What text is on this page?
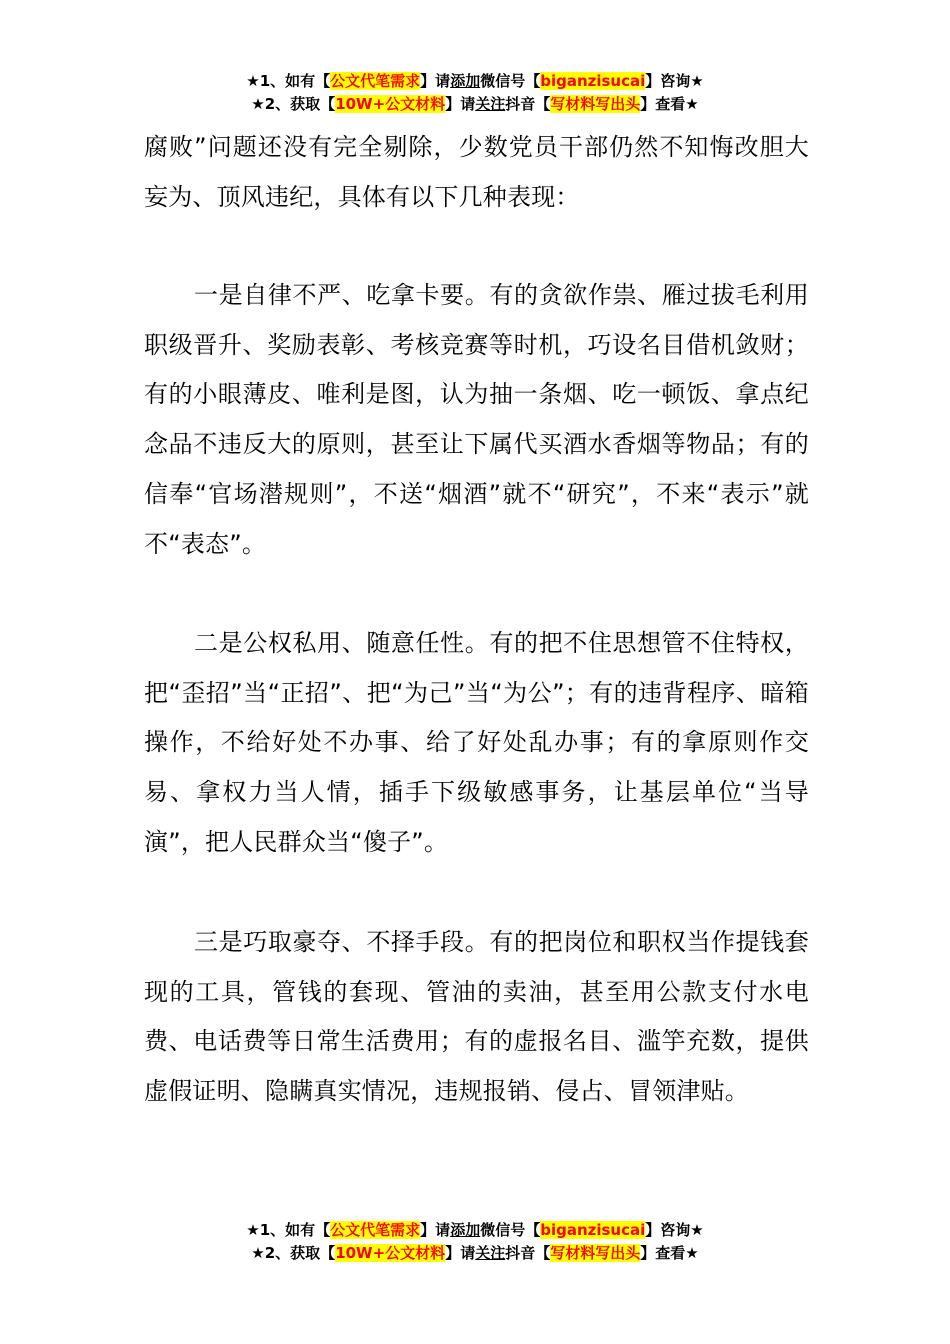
★1、如有【公文代笔需求】请添加微信号【biganzisucai】咨询★
★2、获取【10W+公文材料】请关注抖音【写材料写出头】查看★

腐败”问题还没有完全剔除，少数党员干部仍然不知悔改胆大妄为、顶风违纪，具体有以下几种表现：

一是自律不严、吃拿卡要。有的贪欲作祟、雁过拔毛利用职级晋升、奖励表彰、考核竞赛等时机，巧设名目借机敛财；有的小眼薄皮、唯利是图，认为抽一条烟、吃一顿饭、拿点纪念品不违反大的原则，甚至让下属代买酒水香烟等物品；有的信奉“官场潜规则”，不送“烟酒”就不“研究”，不来“表示”就不“表态”。

二是公权私用、随意任性。有的把不住思想管不住特权，把“歪招”当“正招”、把“为己”当“为公”；有的违背程序、暗箱操作，不给好处不办事、给了好处乱办事；有的拿原则作交易、拿权力当人情，插手下级敏感事务，让基层单位“当导演”，把人民群众当“傻子”。

三是巧取豪夺、不择手段。有的把岗位和职权当作提钱套现的工具，管钱的套现、管油的卖油，甚至用公款支付水电费、电话费等日常生活费用；有的虚报名目、滥竽充数，提供虚假证明、隐瞒真实情况，违规报销、侵占、冒领津贴。

★1、如有【公文代笔需求】请添加微信号【biganzisucai】咨询★
★2、获取【10W+公文材料】请关注抖音【写材料写出头】查看★
